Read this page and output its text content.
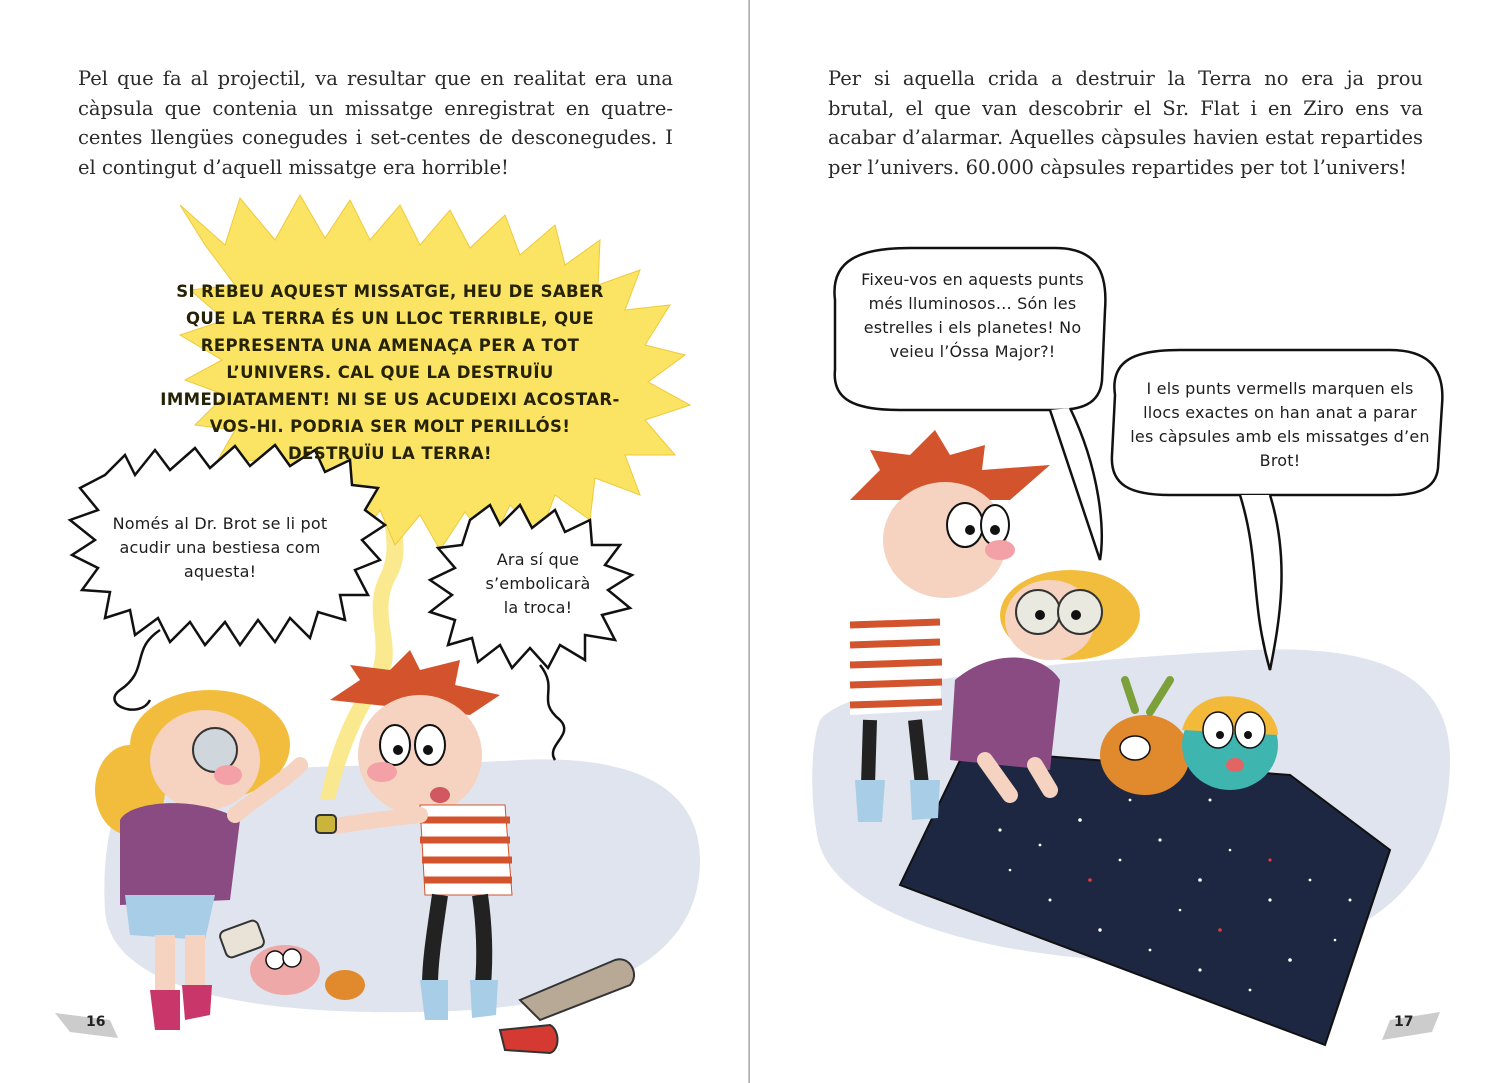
Pel que fa al projectil, va resultar que en realitat era una càpsula que contenia un missatge enregistrat en quatre-centes llengües conegudes i set-centes de desconegudes. I el contingut d’aquell missatge era horrible!

SI REBEU AQUEST MISSATGE, HEU DE SABER QUE LA TERRA ÉS UN LLOC TERRIBLE, QUE REPRESENTA UNA AMENAÇA PER A TOT L’UNIVERS. CAL QUE LA DESTRUÏU IMMEDIATAMENT! NI SE US ACUDEIXI ACOSTAR-VOS-HI. PODRIA SER MOLT PERILLÓS! DESTRUÏU LA TERRA!
Només al Dr. Brot se li pot acudir una bestiesa com aquesta!
Ara sí que s’embolicarà la troca!
16

Per si aquella crida a destruir la Terra no era ja prou brutal, el que van descobrir el Sr. Flat i en Ziro ens va acabar d’alarmar. Aquelles càpsules havien estat repartides per l’univers. 60.000 càpsules repartides per tot l’univers!

Fixeu-vos en aquests punts més lluminosos… Són les estrelles i els planetes! No veieu l’Óssa Major?!
I els punts vermells marquen els llocs exactes on han anat a parar les càpsules amb els missatges d’en Brot!
17
